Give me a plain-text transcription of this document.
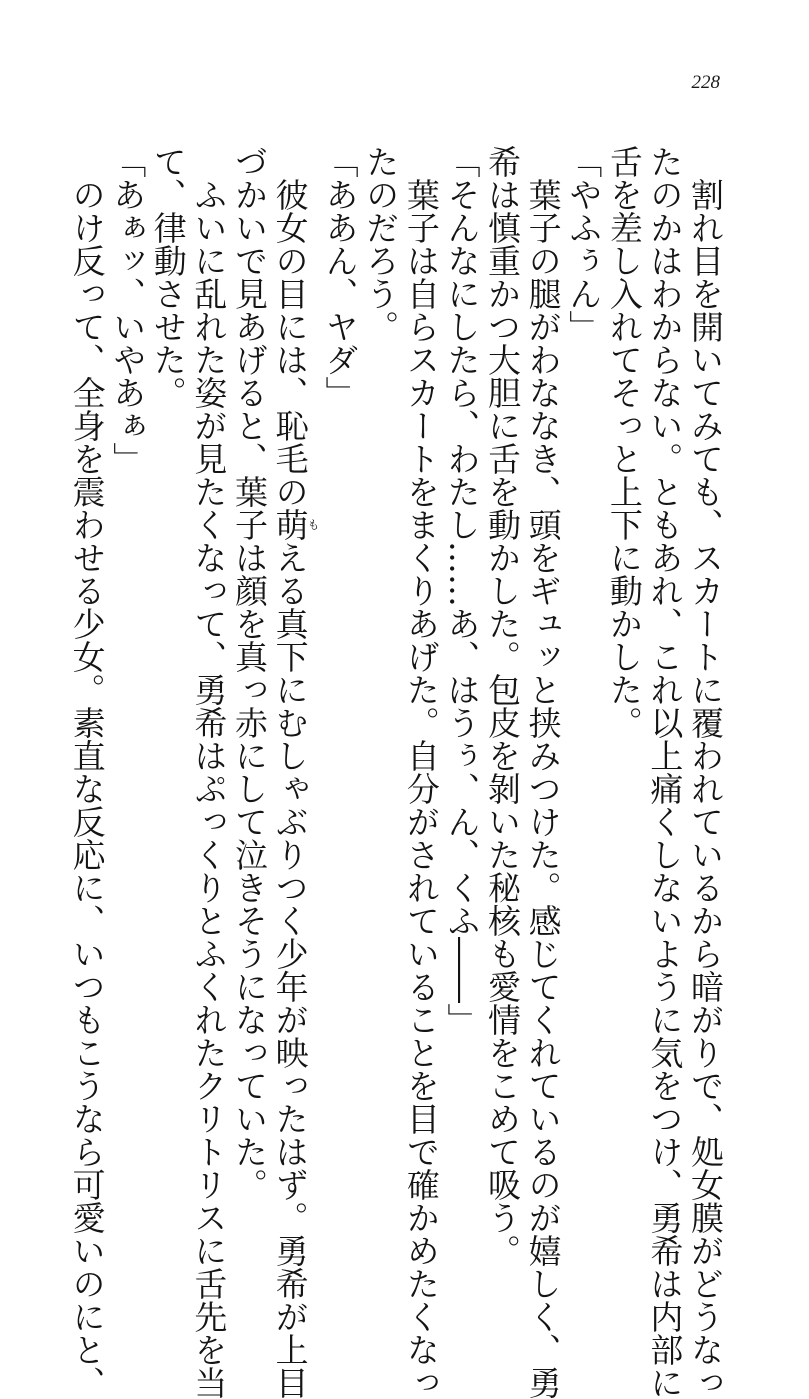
228
　割れ目を開いてみても、スカートに覆われているから暗がりで、処女膜がどうなっ
たのかはわからない。ともあれ、これ以上痛くしないように気をつけ、勇希は内部に
舌を差し入れてそっと上下に動かした。
「やふぅん」
　葉子の腿がわななき、頭をギュッと挟みつけた。感じてくれているのが嬉しく、勇
希は慎重かつ大胆に舌を動かした。包皮を剝いた秘核も愛情をこめて吸う。
「そんなにしたら、わたし……あ、はうぅ、ん、くふ――」
　葉子は自らスカートをまくりあげた。自分がされていることを目で確かめたくなっ
たのだろう。
「ああん、ヤダ」
　彼女の目には、恥毛の萌もえる真下にむしゃぶりつく少年が映ったはず。勇希が上目
づかいで見あげると、葉子は顔を真っ赤にして泣きそうになっていた。
　ふいに乱れた姿が見たくなって、勇希はぷっくりとふくれたクリトリスに舌先を当
て、律動させた。
「あぁッ、いやあぁ」
　のけ反って、全身を震わせる少女。素直な反応に、いつもこうなら可愛いのにと、
